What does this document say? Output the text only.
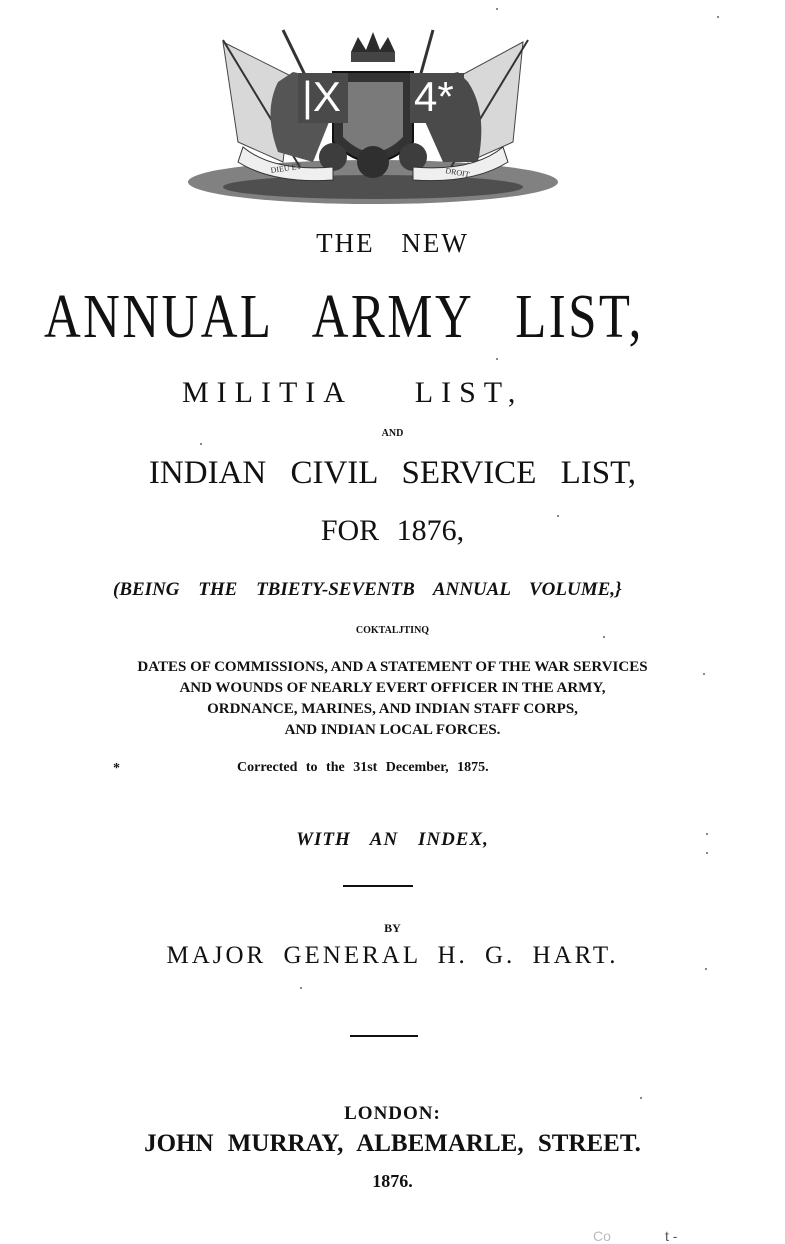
DIEU ET	DROIT
|X 4*
THE NEW
ANNUAL ARMY LIST,
MILITIA LIST,
AND
INDIAN CIVIL SERVICE LIST,
FOR 1876,
(BEING THE TBIETY-SEVENTB ANNUAL VOLUME,}
COKTALJTINQ
DATES OF COMMISSIONS, AND A STATEMENT OF THE WAR SERVICES
AND WOUNDS OF NEARLY EVERT OFFICER IN THE ARMY,
ORDNANCE, MARINES, AND INDIAN STAFF CORPS,
AND INDIAN LOCAL FORCES.
*	Corrected to the 31st December, 1875.
WITH AN INDEX,
BY
MAJOR GENERAL H. G. HART.
LONDON:
JOHN MURRAY, ALBEMARLE, STREET.
1876.
Co	t -
